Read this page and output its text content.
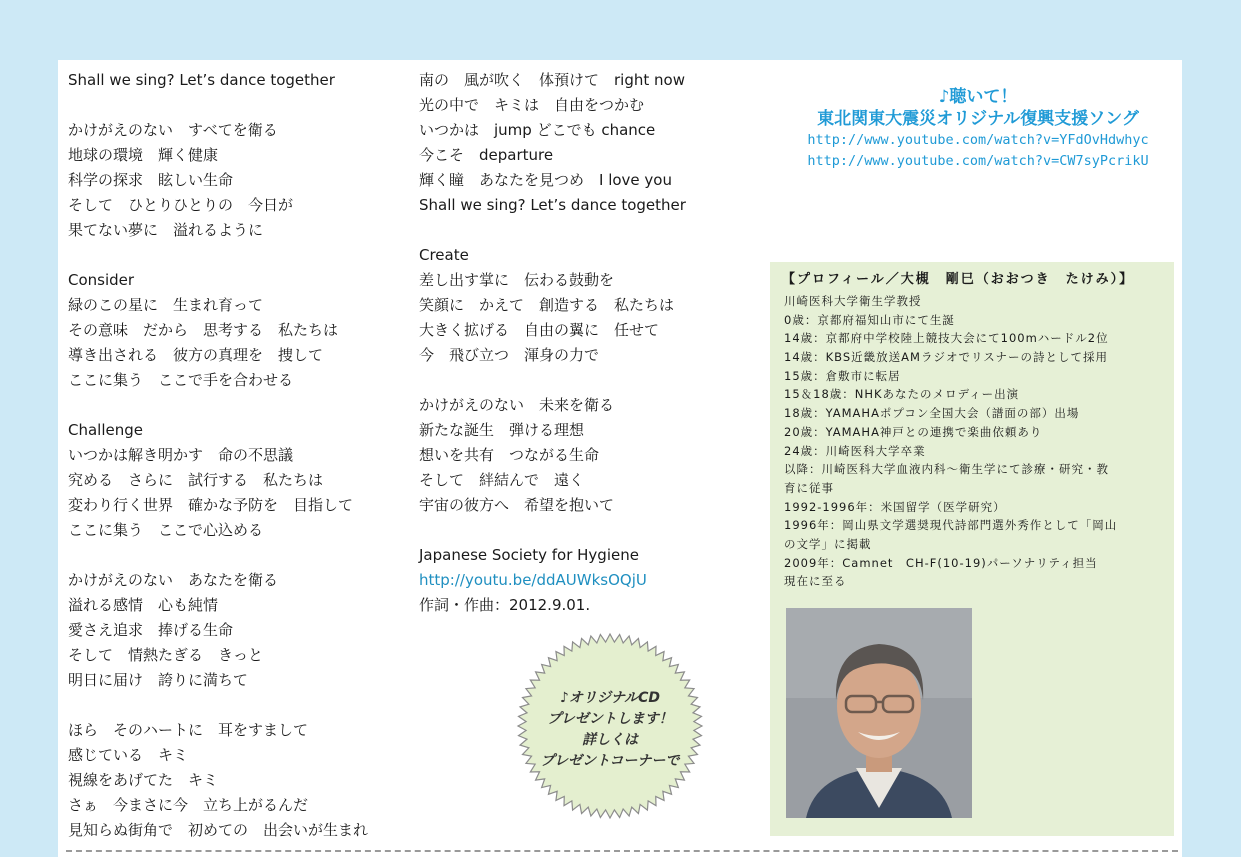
Shall we sing? Let’s dance together
かけがえのない　すべてを衛る
地球の環境　輝く健康
科学の探求　眩しい生命
そして　ひとりひとりの　今日が
果てない夢に　溢れるように
Consider
緑のこの星に　生まれ育って
その意味　だから　思考する　私たちは
導き出される　彼方の真理を　捜して
ここに集う　ここで手を合わせる
Challenge
いつかは解き明かす　命の不思議
究める　さらに　試行する　私たちは
変わり行く世界　確かな予防を　目指して
ここに集う　ここで心込める
かけがえのない　あなたを衛る
溢れる感情　心も純情
愛さえ追求　捧げる生命
そして　情熱たぎる　きっと
明日に届け　誇りに満ちて
ほら　そのハートに　耳をすまして
感じている　キミ
視線をあげてた　キミ
さぁ　今まさに今　立ち上がるんだ
見知らぬ街角で　初めての　出会いが生まれ
南の　風が吹く　体預けて　right now
光の中で　キミは　自由をつかむ
いつかは　jump どこでも chance
今こそ　departure
輝く瞳　あなたを見つめ　I love you
Shall we sing? Let’s dance together
Create
差し出す掌に　伝わる鼓動を
笑顔に　かえて　創造する　私たちは
大きく拡げる　自由の翼に　任せて
今　飛び立つ　渾身の力で
かけがえのない　未来を衛る
新たな誕生　弾ける理想
想いを共有　つながる生命
そして　絆結んで　遠く
宇宙の彼方へ　希望を抱いて
Japanese Society for Hygiene
http://youtu.be/ddAUWksOQjU
作詞・作曲：2012.9.01.
♪聴いて！
東北関東大震災オリジナル復興支援ソング
http://www.youtube.com/watch?v=YFdOvHdwhyc
http://www.youtube.com/watch?v=CW7syPcrikU
【プロフィール／大槻　剛巳（おおつき　たけみ）】
川崎医科大学衛生学教授
0歳：京都府福知山市にて生誕
14歳：京都府中学校陸上競技大会にて100mハードル2位
14歳：KBS近畿放送AMラジオでリスナーの詩として採用
15歳：倉敷市に転居
15＆18歳：NHKあなたのメロディー出演
18歳：YAMAHAポプコン全国大会（譜面の部）出場
20歳：YAMAHA神戸との連携で楽曲依頼あり
24歳：川崎医科大学卒業
以降：川崎医科大学血液内科～衛生学にて診療・研究・教
育に従事
1992-1996年：米国留学（医学研究）
1996年：岡山県文学選奨現代詩部門選外秀作として「岡山
の文学」に掲載
2009年：Camnet　CH-F(10-19)パーソナリティ担当
現在に至る
♪オリジナルCD
プレゼントします！
詳しくは
プレゼントコーナーで
